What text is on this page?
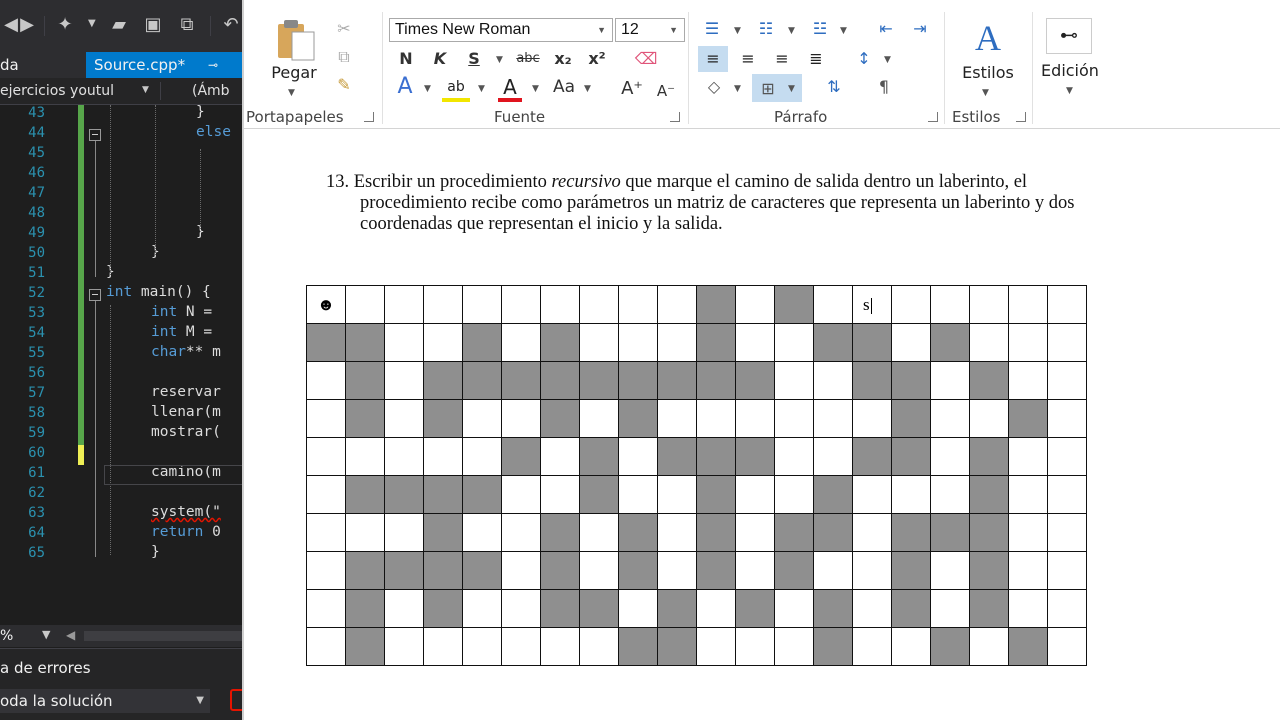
◀ ▶ ✦	▼ ▰ ▣ ⧉ ↶
da	Source.cpp* ⊸
ejercicios youtul	▼	(Ámb
43	}
44	else
45
46
47
48
49	}
50	}
51	}
52	int main() {
53	int N =
54	int M =
55	char** m
56
57	reservar
58	llenar(m
59	mostrar(
60
61	camino(m
62
63	system("
64	return 0
65	}
%	▼ ◀
a de errores
oda la solución	▼
Pegar
▼
✂
⧉
✎
Portapapeles
Times New Roman	▼ 12	▼
N	K	S	▼	abc x₂ x² ⌫
A	▼	ab	▼ A	▼ Aa ▼ A⁺ A⁻
Fuente
☰	▼	☷	▼	☳	▼	⇤	⇥
≡	≡	≡	≣	↕	▼
◇	▼	⊞	▼	⇅	¶
Párrafo
A
Estilos
▼
Estilos
⊷
Edición
▼

13. Escribir un procedimiento recursivo que marque el camino de salida dentro un laberinto, el procedimiento recibe como parámetros un matriz de caracteres que representa un laberinto y dos coordenadas que representan el inicio y la salida.

☻														s					
